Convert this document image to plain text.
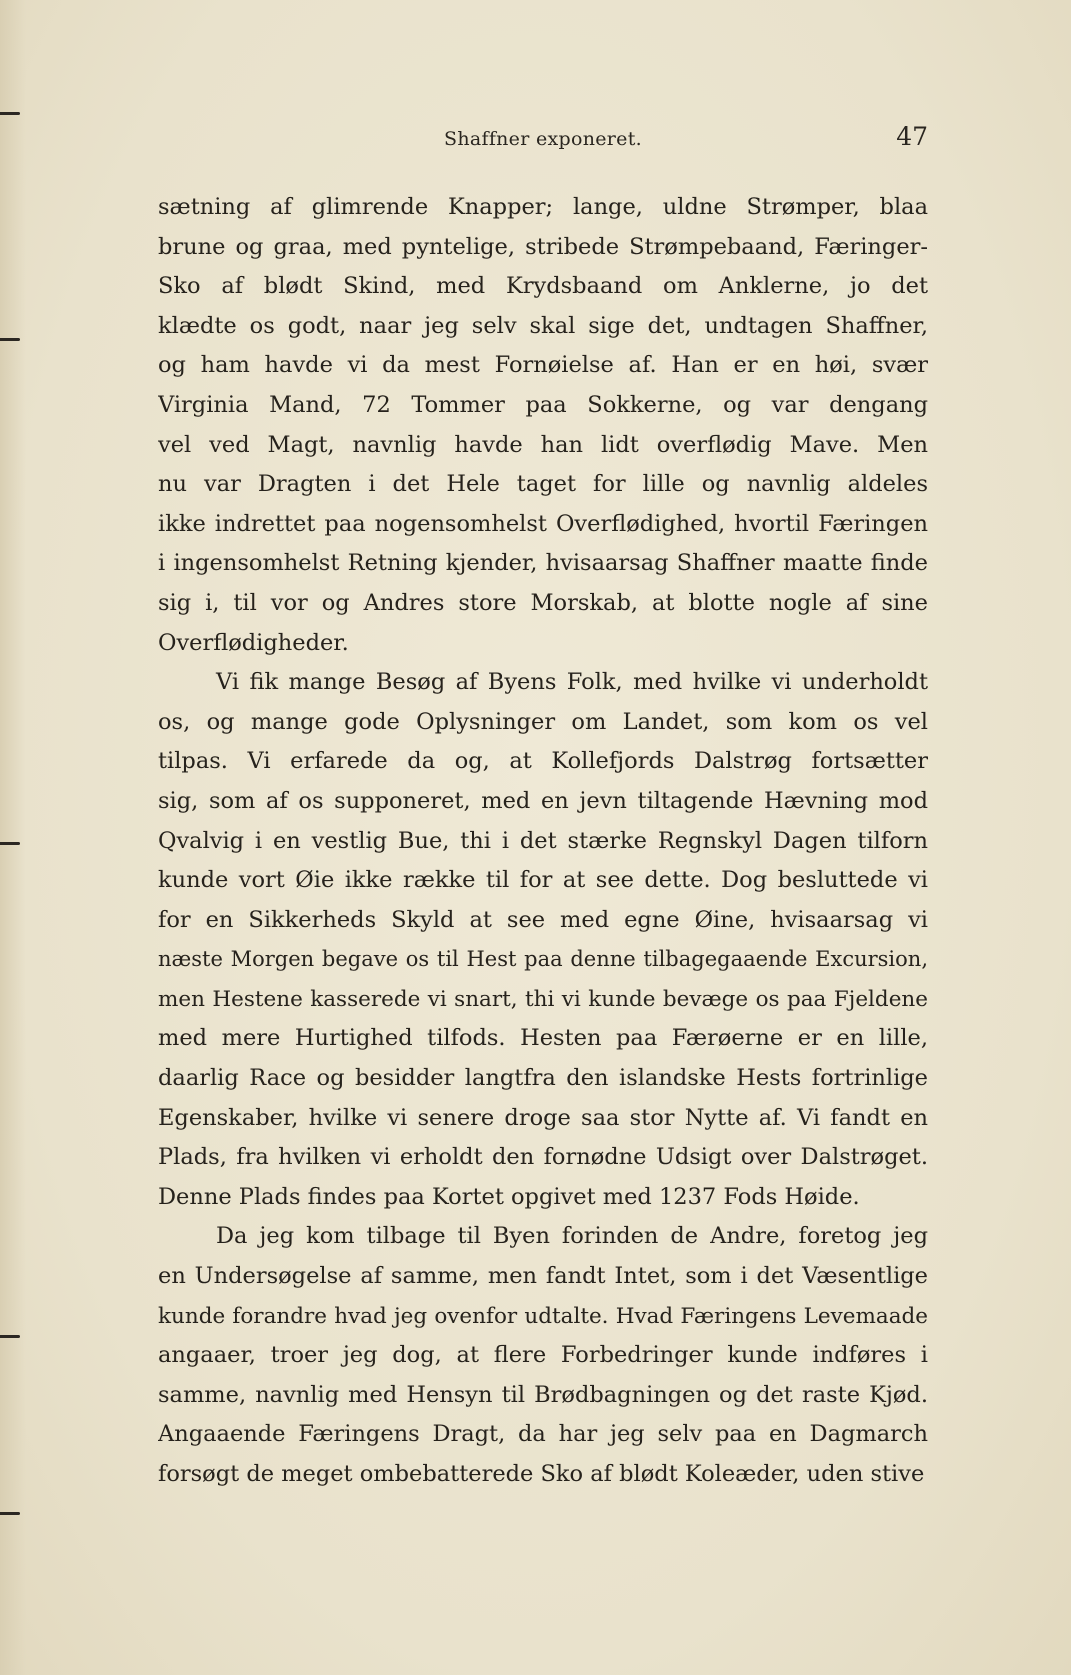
Shaffner exponeret.	47
sætning af glimrende Knapper; lange, uldne Strømper, blaa
brune og graa, med pyntelige, stribede Strømpebaand, Færinger-
Sko af blødt Skind, med Krydsbaand om Anklerne, jo det
klædte os godt, naar jeg selv skal sige det, undtagen Shaffner,
og ham havde vi da mest Fornøielse af. Han er en høi, svær
Virginia Mand, 72 Tommer paa Sokkerne, og var dengang
vel ved Magt, navnlig havde han lidt overflødig Mave. Men
nu var Dragten i det Hele taget for lille og navnlig aldeles
ikke indrettet paa nogensomhelst Overflødighed, hvortil Færingen
i ingensomhelst Retning kjender, hvisaarsag Shaffner maatte finde
sig i, til vor og Andres store Morskab, at blotte nogle af sine
Overflødigheder.
Vi fik mange Besøg af Byens Folk, med hvilke vi underholdt
os, og mange gode Oplysninger om Landet, som kom os vel
tilpas. Vi erfarede da og, at Kollefjords Dalstrøg fortsætter
sig, som af os supponeret, med en jevn tiltagende Hævning mod
Qvalvig i en vestlig Bue, thi i det stærke Regnskyl Dagen tilforn
kunde vort Øie ikke række til for at see dette. Dog besluttede vi
for en Sikkerheds Skyld at see med egne Øine, hvisaarsag vi
næste Morgen begave os til Hest paa denne tilbagegaaende Excursion,
men Hestene kasserede vi snart, thi vi kunde bevæge os paa Fjeldene
med mere Hurtighed tilfods. Hesten paa Færøerne er en lille,
daarlig Race og besidder langtfra den islandske Hests fortrinlige
Egenskaber, hvilke vi senere droge saa stor Nytte af. Vi fandt en
Plads, fra hvilken vi erholdt den fornødne Udsigt over Dalstrøget.
Denne Plads findes paa Kortet opgivet med 1237 Fods Høide.
Da jeg kom tilbage til Byen forinden de Andre, foretog jeg
en Undersøgelse af samme, men fandt Intet, som i det Væsentlige
kunde forandre hvad jeg ovenfor udtalte. Hvad Færingens Levemaade
angaaer, troer jeg dog, at flere Forbedringer kunde indføres i
samme, navnlig med Hensyn til Brødbagningen og det raste Kjød.
Angaaende Færingens Dragt, da har jeg selv paa en Dagmarch
forsøgt de meget ombebatterede Sko af blødt Koleæder, uden stive
